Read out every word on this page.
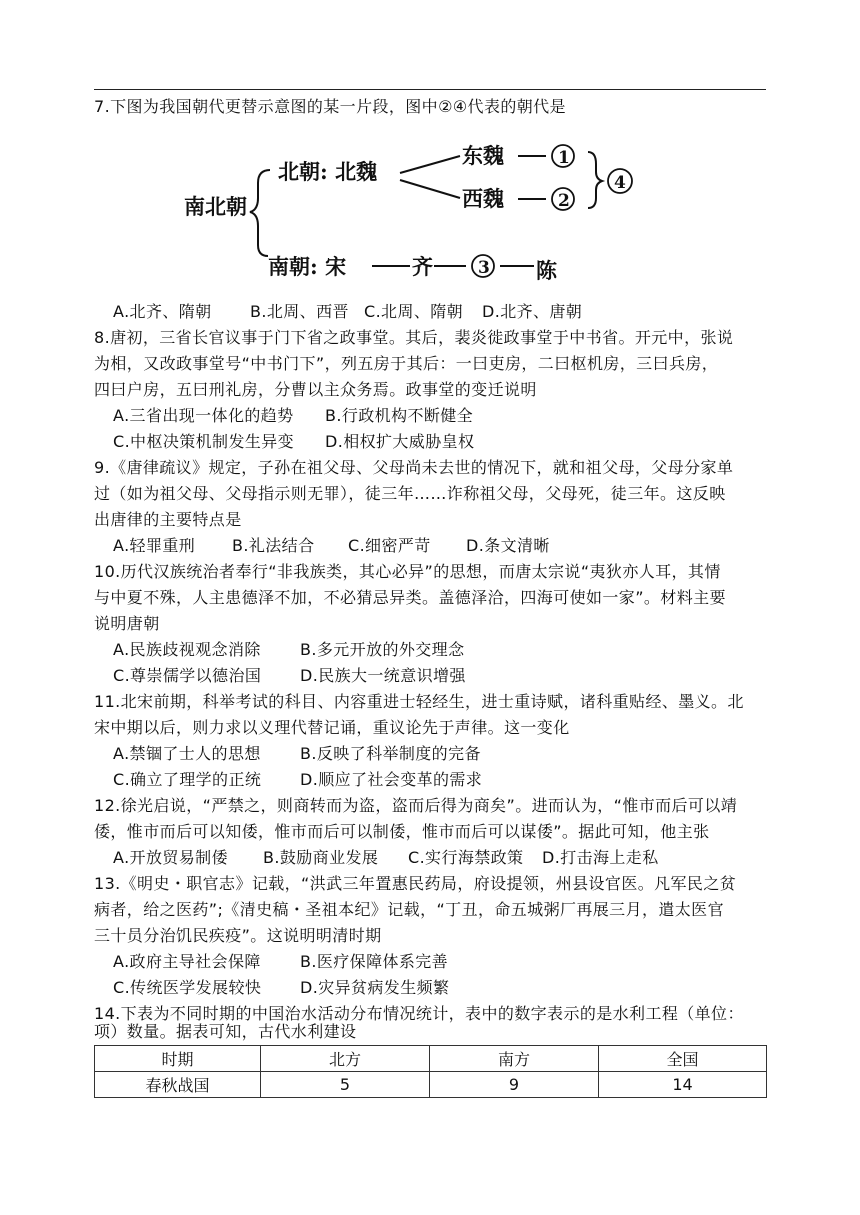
7.下图为我国朝代更替示意图的某一片段，图中②④代表的朝代是
南北朝
北朝: 北魏
东魏
西魏
1
2
4
南朝: 宋	齐	3 陈
A.北齐、隋朝 B.北周、西晋 C.北周、隋朝 D.北齐、唐朝
8.唐初，三省长官议事于门下省之政事堂。其后，裴炎徙政事堂于中书省。开元中，张说
为相，又改政事堂号“中书门下”，列五房于其后：一曰吏房，二曰枢机房，三曰兵房，
四曰户房，五曰刑礼房，分曹以主众务焉。政事堂的变迁说明
A.三省出现一体化的趋势 B.行政机构不断健全
C.中枢决策机制发生异变 D.相权扩大威胁皇权
9.《唐律疏议》规定，子孙在祖父母、父母尚未去世的情况下，就和祖父母，父母分家单
过（如为祖父母、父母指示则无罪），徒三年……诈称祖父母，父母死，徒三年。这反映
出唐律的主要特点是
A.轻罪重刑 B.礼法结合 C.细密严苛 D.条文清晰
10.历代汉族统治者奉行“非我族类，其心必异”的思想，而唐太宗说“夷狄亦人耳，其情
与中夏不殊，人主患德泽不加，不必猜忌异类。盖德泽洽，四海可使如一家”。材料主要
说明唐朝
A.民族歧视观念消除 B.多元开放的外交理念
C.尊崇儒学以德治国 D.民族大一统意识增强
11.北宋前期，科举考试的科目、内容重进士轻经生，进士重诗赋，诸科重贴经、墨义。北
宋中期以后，则力求以义理代替记诵，重议论先于声律。这一变化
A.禁锢了士人的思想 B.反映了科举制度的完备
C.确立了理学的正统 D.顺应了社会变革的需求
12.徐光启说，“严禁之，则商转而为盗，盗而后得为商矣”。进而认为，“惟市而后可以靖
倭，惟市而后可以知倭，惟市而后可以制倭，惟市而后可以谋倭”。据此可知，他主张
A.开放贸易制倭 B.鼓励商业发展 C.实行海禁政策 D.打击海上走私
13.《明史・职官志》记载，“洪武三年置惠民药局，府设提领，州县设官医。凡军民之贫
病者，给之医药”;《清史稿・圣祖本纪》记载，“丁丑，命五城粥厂再展三月，遣太医官
三十员分治饥民疾疫”。这说明明清时期
A.政府主导社会保障 B.医疗保障体系完善
C.传统医学发展较快 D.灾异贫病发生频繁
14.下表为不同时期的中国治水活动分布情况统计，表中的数字表示的是水利工程（单位：
项）数量。据表可知，古代水利建设
时期	北方	南方	全国
春秋战国	5	9	14
